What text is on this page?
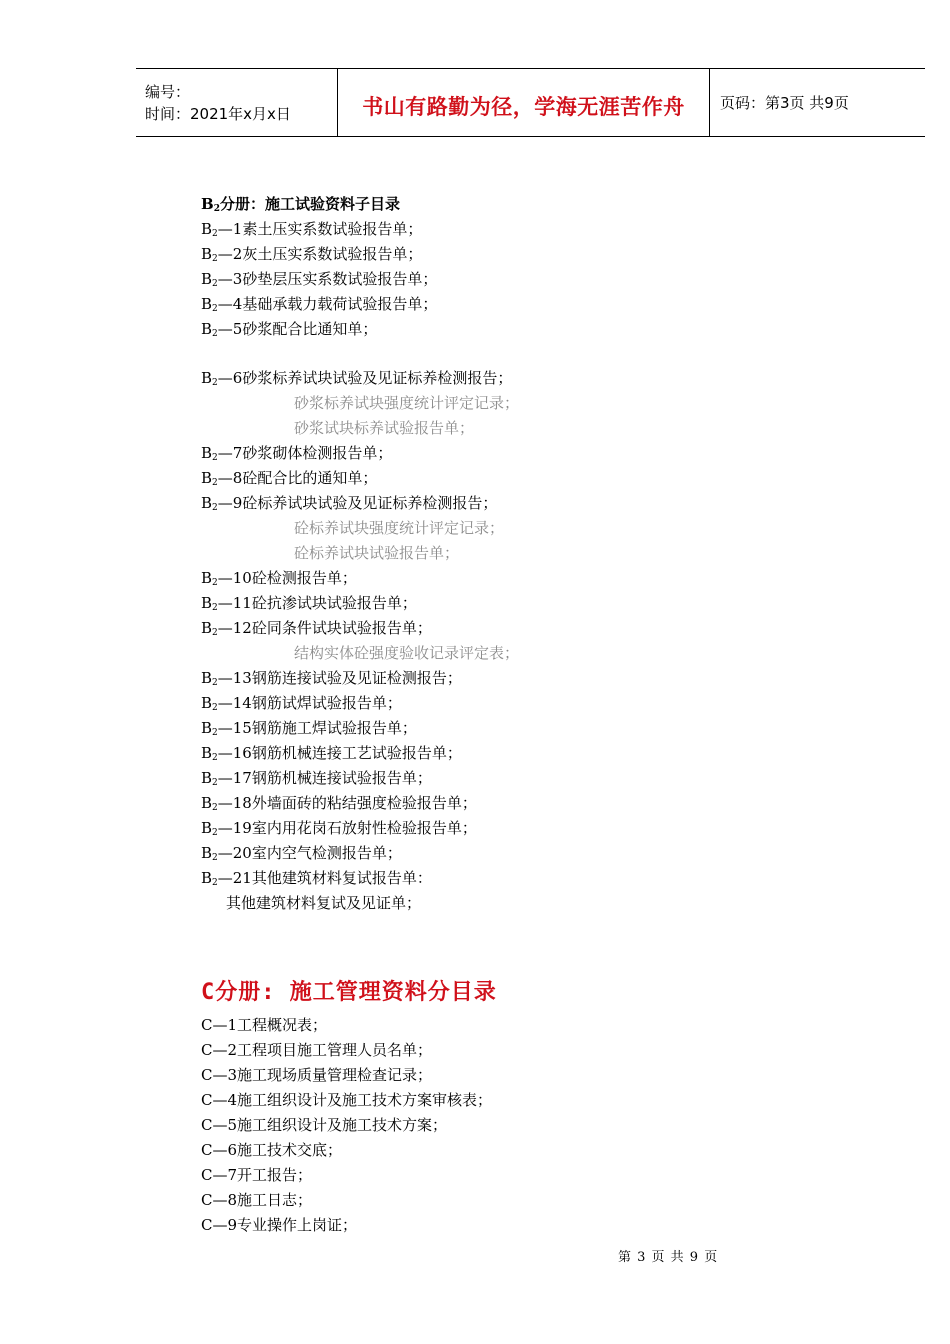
编号：
时间：2021年x月x日	书山有路勤为径，学海无涯苦作舟 页码：第3页 共9页
$B_2$分册：施工试验资料子目录
$B_2—1$素土压实系数试验报告单；
$B_2—2$灰土压实系数试验报告单；
$B_2—3$砂垫层压实系数试验报告单；
$B_2—4$基础承载力载荷试验报告单；
$B_2—5$砂浆配合比通知单；
$B_2—6$砂浆标养试块试验及见证标养检测报告；
砂浆标养试块强度统计评定记录；
砂浆试块标养试验报告单；
$B_2—7$砂浆砌体检测报告单；
$B_2—8$砼配合比的通知单；
$B_2—9$砼标养试块试验及见证标养检测报告；
砼标养试块强度统计评定记录；
砼标养试块试验报告单；
$B_2—10$砼检测报告单；
$B_2—11$砼抗渗试块试验报告单；
$B_2—12$砼同条件试块试验报告单；
结构实体砼强度验收记录评定表；
$B_2—13$钢筋连接试验及见证检测报告；
$B_2—14$钢筋试焊试验报告单；
$B_2—15$钢筋施工焊试验报告单；
$B_2—16$钢筋机械连接工艺试验报告单；
$B_2—17$钢筋机械连接试验报告单；
$B_2—18$外墙面砖的粘结强度检验报告单；
$B_2—19$室内用花岗石放射性检验报告单；
$B_2—20$室内空气检测报告单；
$B_2—21$其他建筑材料复试报告单：
其他建筑材料复试及见证单；
C分册: 施工管理资料分目录
C—1工程概况表；
C—2工程项目施工管理人员名单；
C—3施工现场质量管理检查记录；
C—4施工组织设计及施工技术方案审核表；
C—5施工组织设计及施工技术方案；
C—6施工技术交底；
C—7开工报告；
C—8施工日志；
C—9专业操作上岗证；
第 3 页 共 9 页
